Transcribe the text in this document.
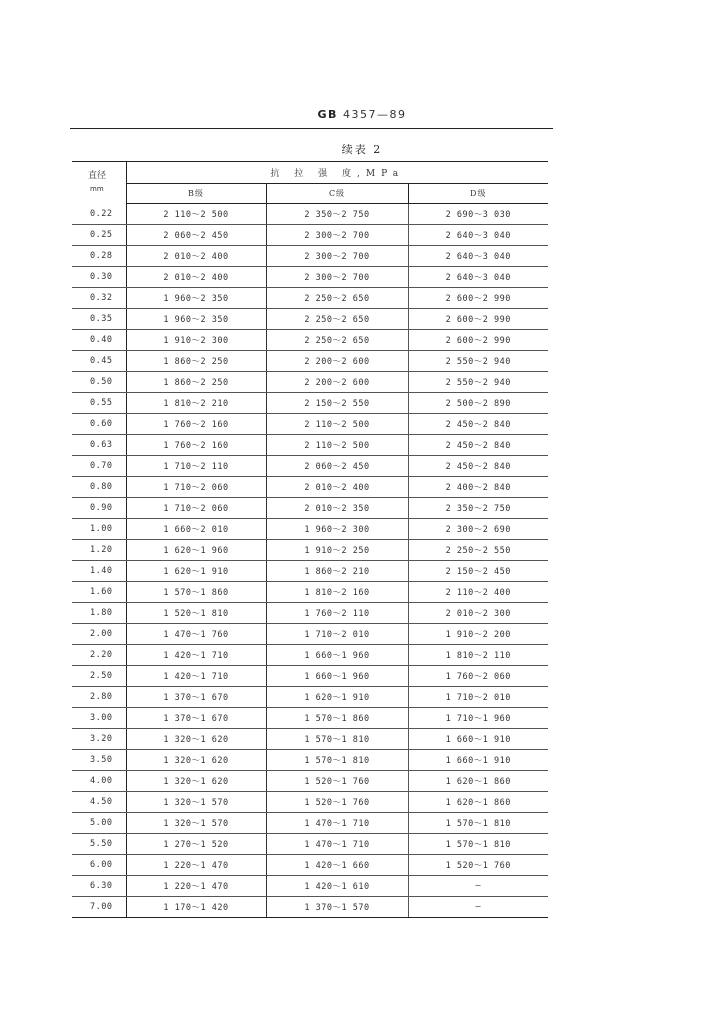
GB 4357—89
续表 2
直径
mm	抗 拉 强 度,MPa		
	B级	C级	D级
0.22	2 110～2 500	2 350～2 750	2 690～3 030
0.25	2 060～2 450	2 300～2 700	2 640～3 040
0.28	2 010～2 400	2 300～2 700	2 640～3 040
0.30	2 010～2 400	2 300～2 700	2 640～3 040
0.32	1 960～2 350	2 250～2 650	2 600～2 990
0.35	1 960～2 350	2 250～2 650	2 600～2 990
0.40	1 910～2 300	2 250～2 650	2 600～2 990
0.45	1 860～2 250	2 200～2 600	2 550～2 940
0.50	1 860～2 250	2 200～2 600	2 550～2 940
0.55	1 810～2 210	2 150～2 550	2 500～2 890
0.60	1 760～2 160	2 110～2 500	2 450～2 840
0.63	1 760～2 160	2 110～2 500	2 450～2 840
0.70	1 710～2 110	2 060～2 450	2 450～2 840
0.80	1 710～2 060	2 010～2 400	2 400～2 840
0.90	1 710～2 060	2 010～2 350	2 350～2 750
1.00	1 660～2 010	1 960～2 300	2 300～2 690
1.20	1 620～1 960	1 910～2 250	2 250～2 550
1.40	1 620～1 910	1 860～2 210	2 150～2 450
1.60	1 570～1 860	1 810～2 160	2 110～2 400
1.80	1 520～1 810	1 760～2 110	2 010～2 300
2.00	1 470～1 760	1 710～2 010	1 910～2 200
2.20	1 420～1 710	1 660～1 960	1 810～2 110
2.50	1 420～1 710	1 660～1 960	1 760～2 060
2.80	1 370～1 670	1 620～1 910	1 710～2 010
3.00	1 370～1 670	1 570～1 860	1 710～1 960
3.20	1 320～1 620	1 570～1 810	1 660～1 910
3.50	1 320～1 620	1 570～1 810	1 660～1 910
4.00	1 320～1 620	1 520～1 760	1 620～1 860
4.50	1 320～1 570	1 520～1 760	1 620～1 860
5.00	1 320～1 570	1 470～1 710	1 570～1 810
5.50	1 270～1 520	1 470～1 710	1 570～1 810
6.00	1 220～1 470	1 420～1 660	1 520～1 760
6.30	1 220～1 470	1 420～1 610	—
7.00	1 170～1 420	1 370～1 570	—
